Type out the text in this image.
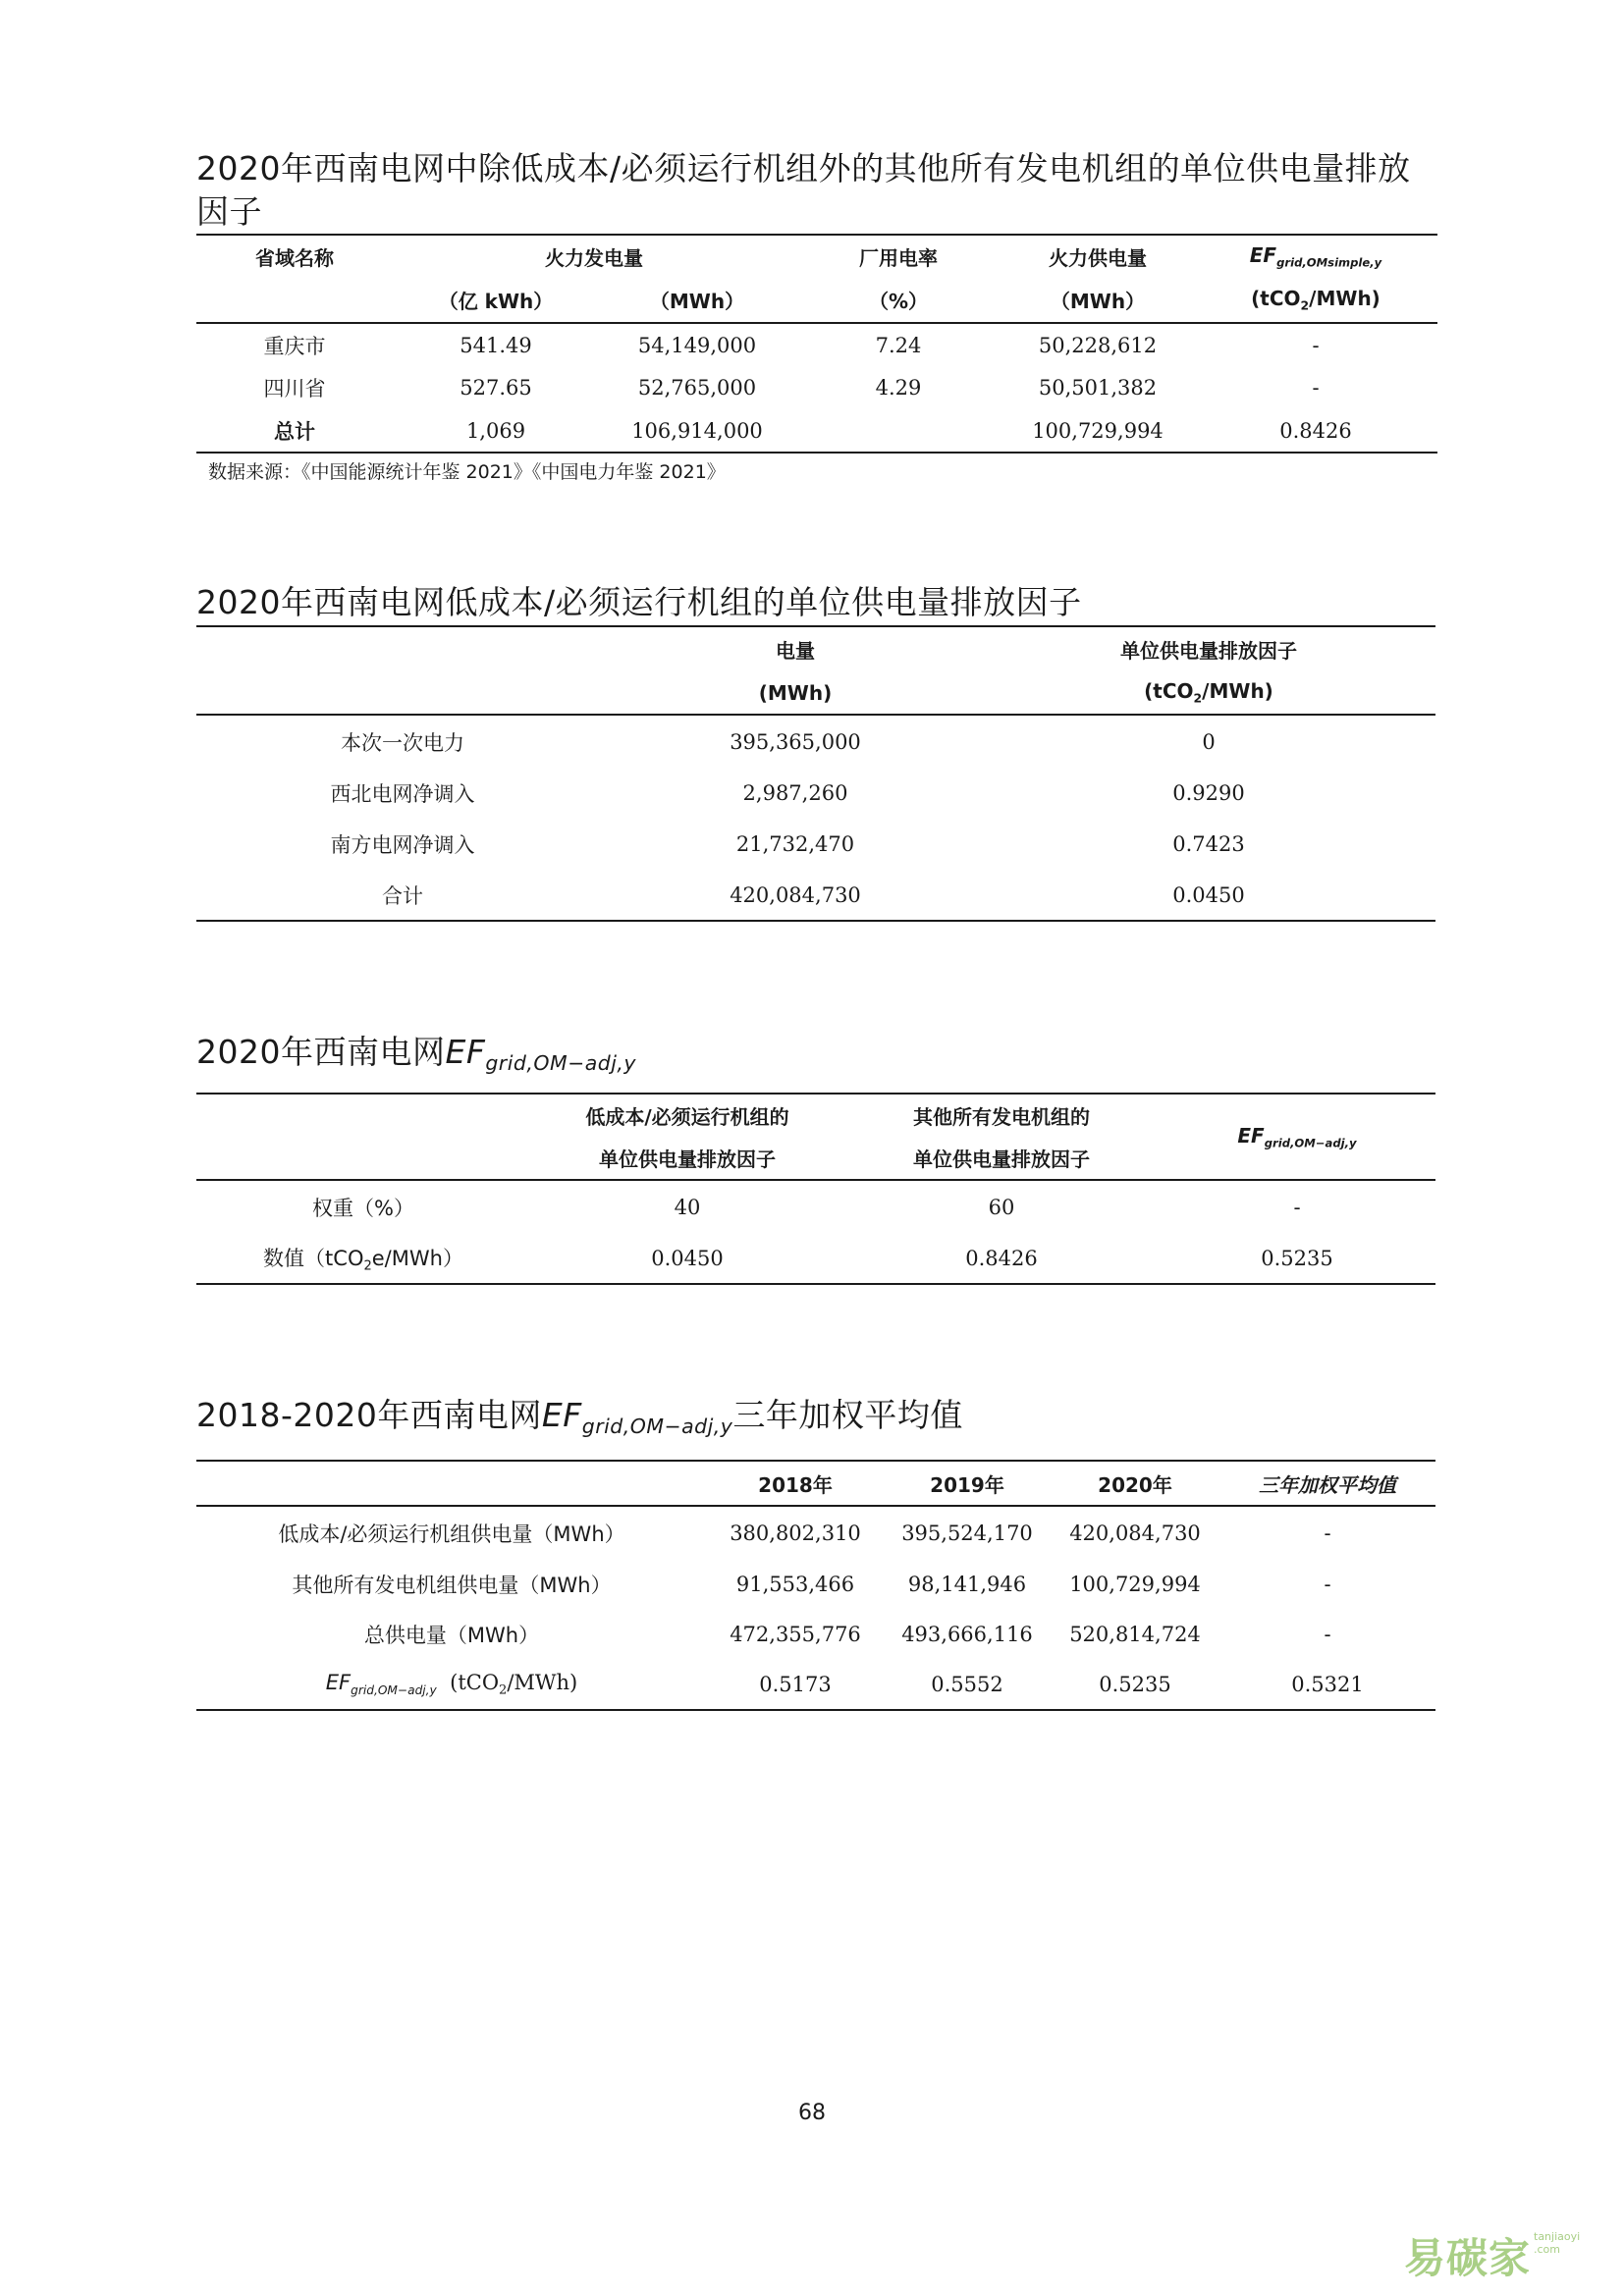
2020年西南电网中除低成本/必须运行机组外的其他所有发电机组的单位供电量排放因子
省域名称	火力发电量		厂用电率	火力供电量	$EF_{grid,OMsimple,y}$
	（亿 kWh）	（MWh）	（%）	（MWh）	(tCO$_2$/MWh)
重庆市	541.49	54,149,000	7.24	50,228,612	-
四川省	527.65	52,765,000	4.29	50,501,382	-
总计	1,069	106,914,000		100,729,994	0.8426

数据来源：《中国能源统计年鉴 2021》《中国电力年鉴 2021》

2020年西南电网低成本/必须运行机组的单位供电量排放因子
	电量	单位供电量排放因子
	(MWh)	(tCO$_2$/MWh)
本次一次电力	395,365,000	0
西北电网净调入	2,987,260	0.9290
南方电网净调入	21,732,470	0.7423
合计	420,084,730	0.0450
2020年西南电网$EF_{grid,OM-adj,y}$
	低成本/必须运行机组的	其他所有发电机组的	$EF_{grid,OM-adj,y}$
	单位供电量排放因子	单位供电量排放因子	
权重（%）	40	60	-
数值（tCO$_2$e/MWh）	0.0450	0.8426	0.5235
2018-2020年西南电网$EF_{grid,OM-adj,y}$三年加权平均值
	2018年	2019年	2020年	三年加权平均值
低成本/必须运行机组供电量（MWh）	380,802,310	395,524,170	420,084,730	-
其他所有发电机组供电量（MWh）	91,553,466	98,141,946	100,729,994	-
总供电量（MWh）	472,355,776	493,666,116	520,814,724	-
$EF_{grid,OM-adj,y}$ (tCO$_2$/MWh)	0.5173	0.5552	0.5235	0.5321
68
易碳家 tanjiaoyi
.com
